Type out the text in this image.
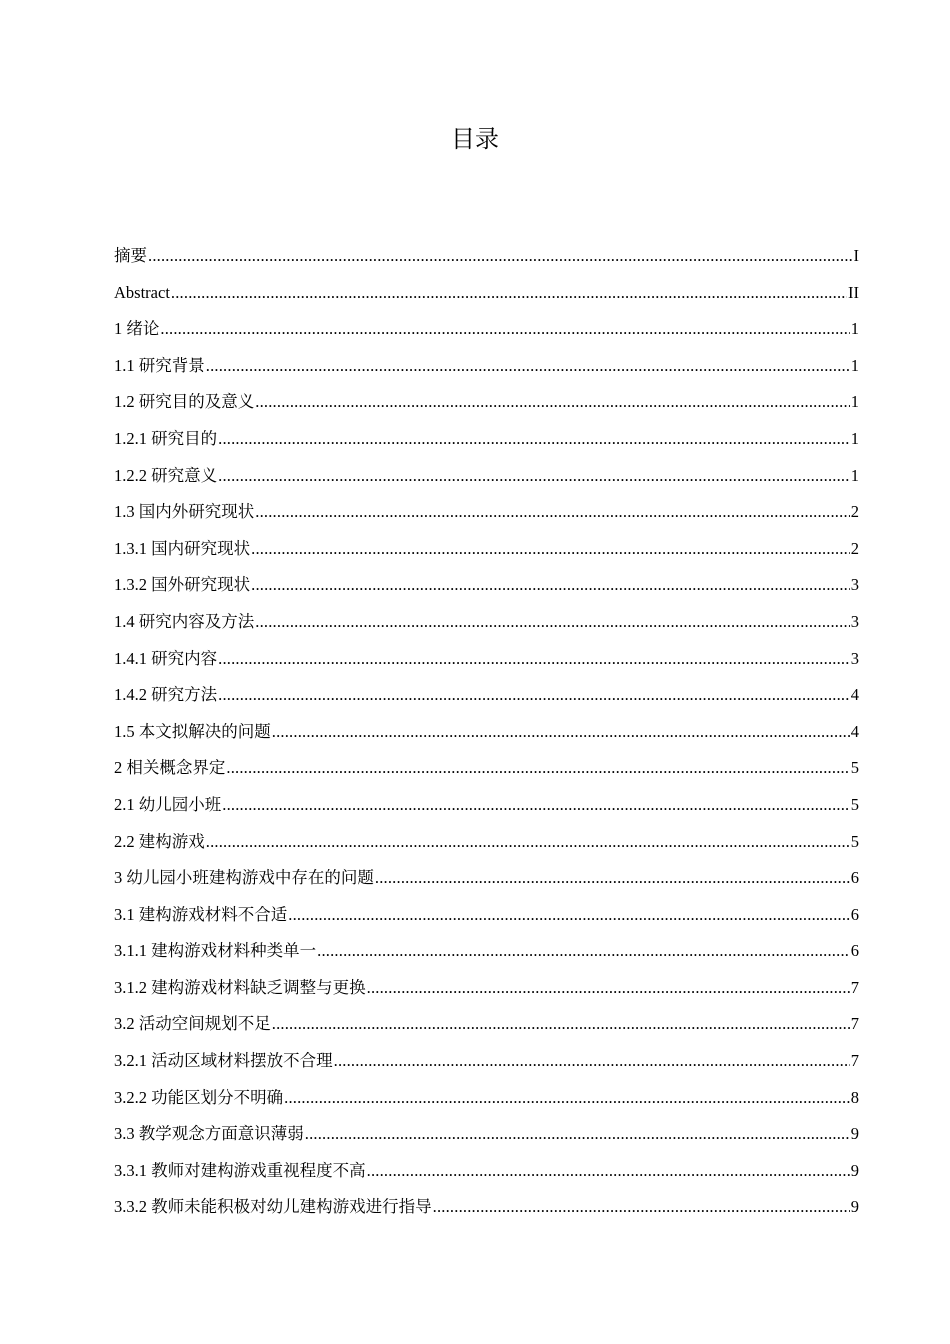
目录
摘要 .....	I
Abstract .....	II
1 绪论 .....	1
1.1 研究背景 .....	1
1.2 研究目的及意义 .....	1
1.2.1 研究目的 .....	1
1.2.2 研究意义 .....	1
1.3 国内外研究现状 .....	2
1.3.1 国内研究现状 .....	2
1.3.2 国外研究现状 .....	3
1.4 研究内容及方法 .....	3
1.4.1 研究内容 .....	3
1.4.2 研究方法 .....	4
1.5 本文拟解决的问题 .....	4
2 相关概念界定 .....	5
2.1 幼儿园小班 .....	5
2.2 建构游戏 .....	5
3 幼儿园小班建构游戏中存在的问题 .....	6
3.1 建构游戏材料不合适 .....	6
3.1.1 建构游戏材料种类单一 .....	6
3.1.2 建构游戏材料缺乏调整与更换 .....	7
3.2 活动空间规划不足 .....	7
3.2.1 活动区域材料摆放不合理 .....	7
3.2.2 功能区划分不明确 .....	8
3.3 教学观念方面意识薄弱 .....	9
3.3.1 教师对建构游戏重视程度不高 .....	9
3.3.2 教师未能积极对幼儿建构游戏进行指导 .....	9
